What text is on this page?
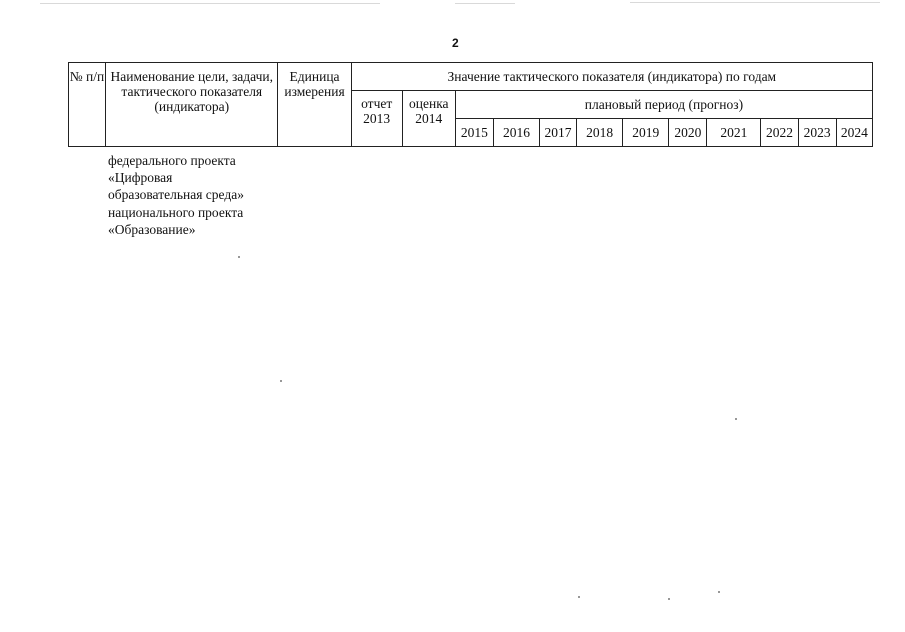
2
№ п/п	Наименование цели, задачи, тактического показателя (индикатора)	Единица измерения	Значение тактического показателя (индикатора) по годам											
			отчет 2013	оценка 2014	плановый период (прогноз)									
					2015	2016	2017	2018	2019	2020	2021	2022	2023	2024
федерального проекта
«Цифровая
образовательная среда»
национального проекта
«Образование»
